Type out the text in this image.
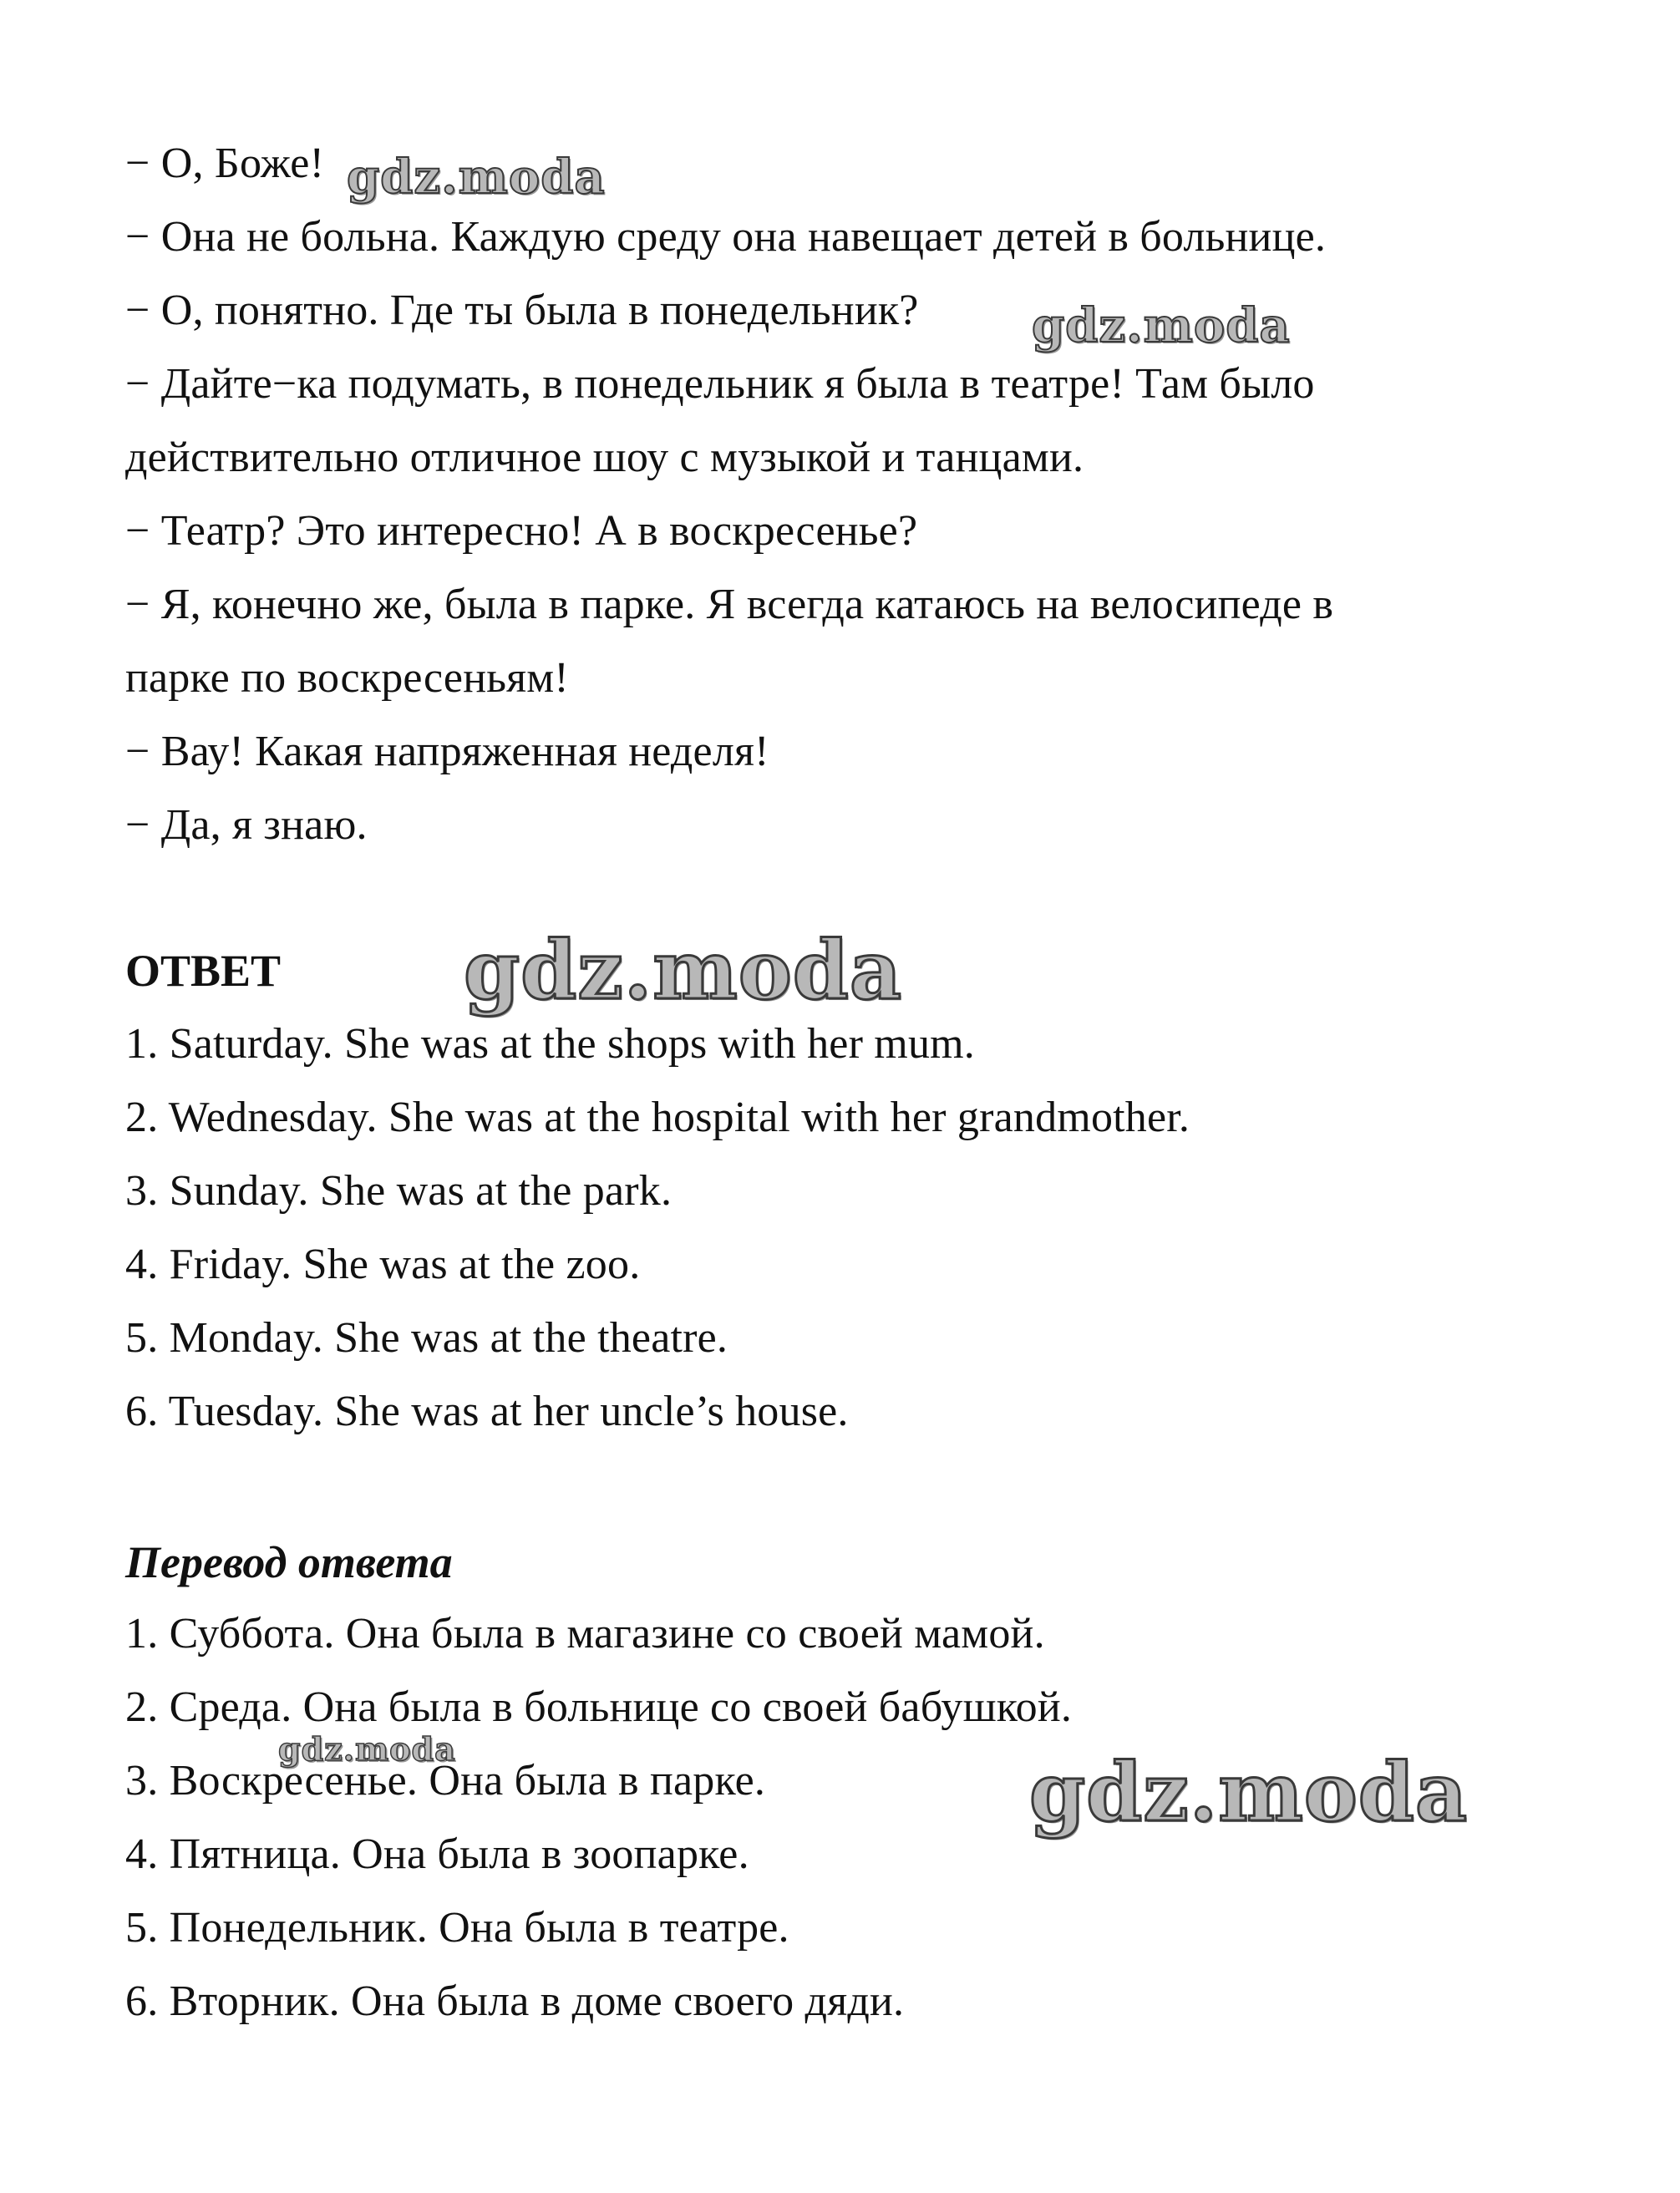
− О, Боже!
− Она не больна. Каждую среду она навещает детей в больнице.
− О, понятно. Где ты была в понедельник?
− Дайте−ка подумать, в понедельник я была в театре! Там было
действительно отличное шоу с музыкой и танцами.
− Театр? Это интересно! А в воскресенье?
− Я, конечно же, была в парке. Я всегда катаюсь на велосипеде в
парке по воскресеньям!
− Вау! Какая напряженная неделя!
− Да, я знаю.
ОТВЕТ
1. Saturday. She was at the shops with her mum.
2. Wednesday. She was at the hospital with her grandmother.
3. Sunday. She was at the park.
4. Friday. She was at the zoo.
5. Monday. She was at the theatre.
6. Tuesday. She was at her uncle’s house.
Перевод ответа
1. Суббота. Она была в магазине со своей мамой.
2. Среда. Она была в больнице со своей бабушкой.
3. Воскресенье. Она была в парке.
4. Пятница. Она была в зоопарке.
5. Понедельник. Она была в театре.
6. Вторник. Она была в доме своего дяди.
gdz.moda
gdz.moda
gdz.moda
gdz.moda	gdz.moda
